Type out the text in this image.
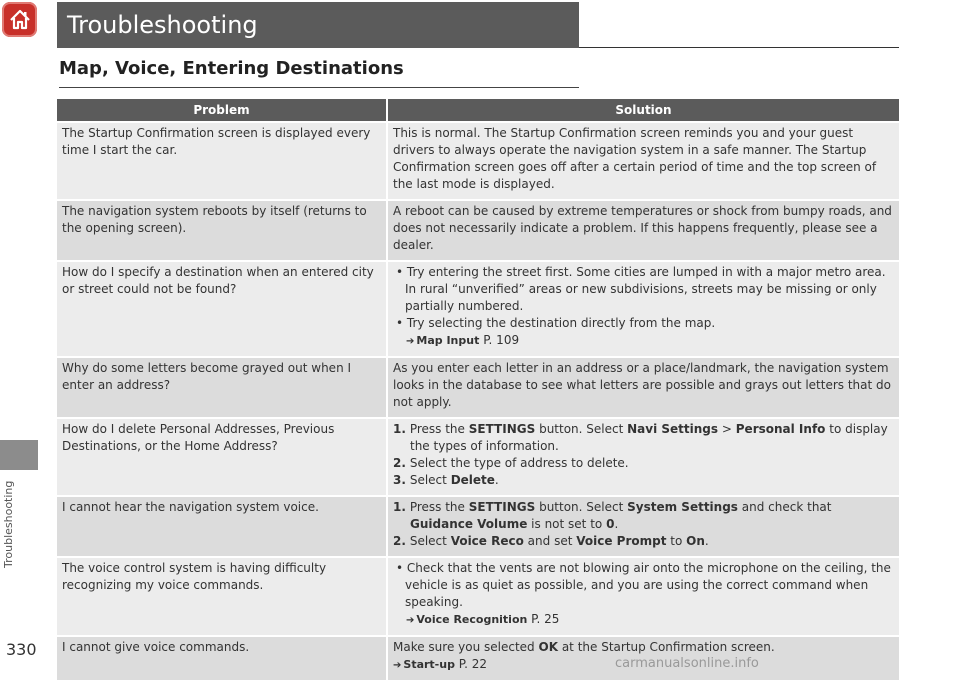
Troubleshooting
330
Troubleshooting
Map, Voice, Entering Destinations
Problem	Solution
The Startup Confirmation screen is displayed every time I start the car.	This is normal. The Startup Confirmation screen reminds you and your guest drivers to always operate the navigation system in a safe manner. The Startup Confirmation screen goes off after a certain period of time and the top screen of the last mode is displayed.
The navigation system reboots by itself (returns to the opening screen).	A reboot can be caused by extreme temperatures or shock from bumpy roads, and does not necessarily indicate a problem. If this happens frequently, please see a dealer.
How do I specify a destination when an entered city or street could not be found?	• Try entering the street first. Some cities are lumped in with a major metro area. In rural “unverified” areas or new subdivisions, streets may be missing or only partially numbered.
• Try selecting the destination directly from the map.
➔ Map Input P. 109

Why do some letters become grayed out when I enter an address?	As you enter each letter in an address or a place/landmark, the navigation system looks in the database to see what letters are possible and grays out letters that do not apply.
How do I delete Personal Addresses, Previous Destinations, or the Home Address?	1. Press the SETTINGS button. Select Navi Settings > Personal Info to display the types of information.
2. Select the type of address to delete.
3. Select Delete.

I cannot hear the navigation system voice.	1. Press the SETTINGS button. Select System Settings and check that Guidance Volume is not set to 0.
2. Select Voice Reco and set Voice Prompt to On.

The voice control system is having difficulty recognizing my voice commands.	• Check that the vents are not blowing air onto the microphone on the ceiling, the vehicle is as quiet as possible, and you are using the correct command when speaking.
➔ Voice Recognition P. 25

I cannot give voice commands.	Make sure you selected OK at the Startup Confirmation screen.
➔ Start-up P. 22	carmanualsonline.info
